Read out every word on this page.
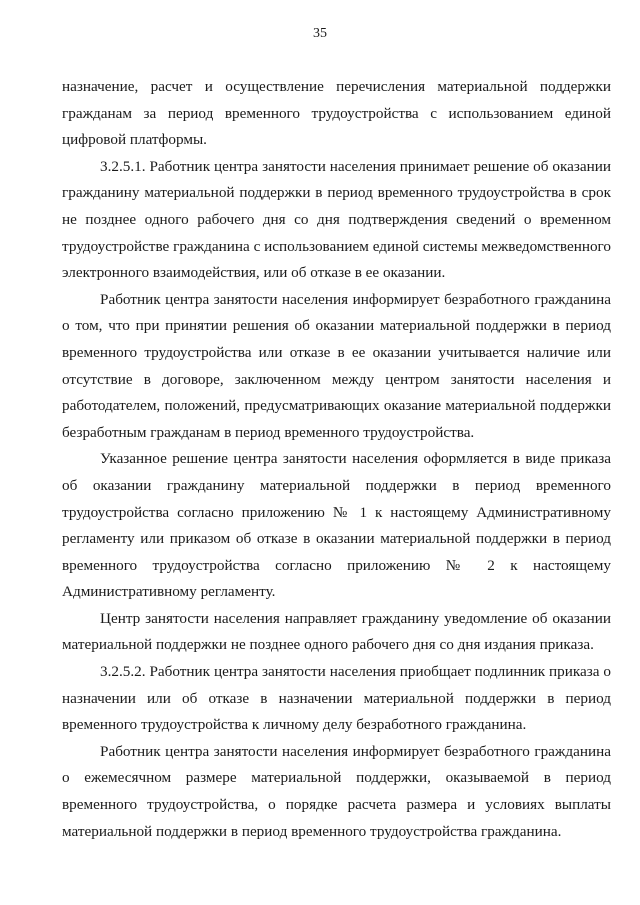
35

назначение, расчет и осуществление перечисления материальной поддержки гражданам за период временного трудоустройства с использованием единой цифровой платформы.

3.2.5.1. Работник центра занятости населения принимает решение об оказании гражданину материальной поддержки в период временного трудоустройства в срок не позднее одного рабочего дня со дня подтверждения сведений о временном трудоустройстве гражданина с использованием единой системы межведомственного электронного взаимодействия, или об отказе в ее оказании.

Работник центра занятости населения информирует безработного гражданина о том, что при принятии решения об оказании материальной поддержки в период временного трудоустройства или отказе в ее оказании учитывается наличие или отсутствие в договоре, заключенном между центром занятости населения и работодателем, положений, предусматривающих оказание материальной поддержки безработным гражданам в период временного трудоустройства.

Указанное решение центра занятости населения оформляется в виде приказа об оказании гражданину материальной поддержки в период временного трудоустройства согласно приложению № 1 к настоящему Административному регламенту или приказом об отказе в оказании материальной поддержки в период временного трудоустройства согласно приложению № 2 к настоящему Административному регламенту.

Центр занятости населения направляет гражданину уведомление об оказании материальной поддержки не позднее одного рабочего дня со дня издания приказа.

3.2.5.2. Работник центра занятости населения приобщает подлинник приказа о назначении или об отказе в назначении материальной поддержки в период временного трудоустройства к личному делу безработного гражданина.

Работник центра занятости населения информирует безработного гражданина о ежемесячном размере материальной поддержки, оказываемой в период временного трудоустройства, о порядке расчета размера и условиях выплаты материальной поддержки в период временного трудоустройства гражданина.
